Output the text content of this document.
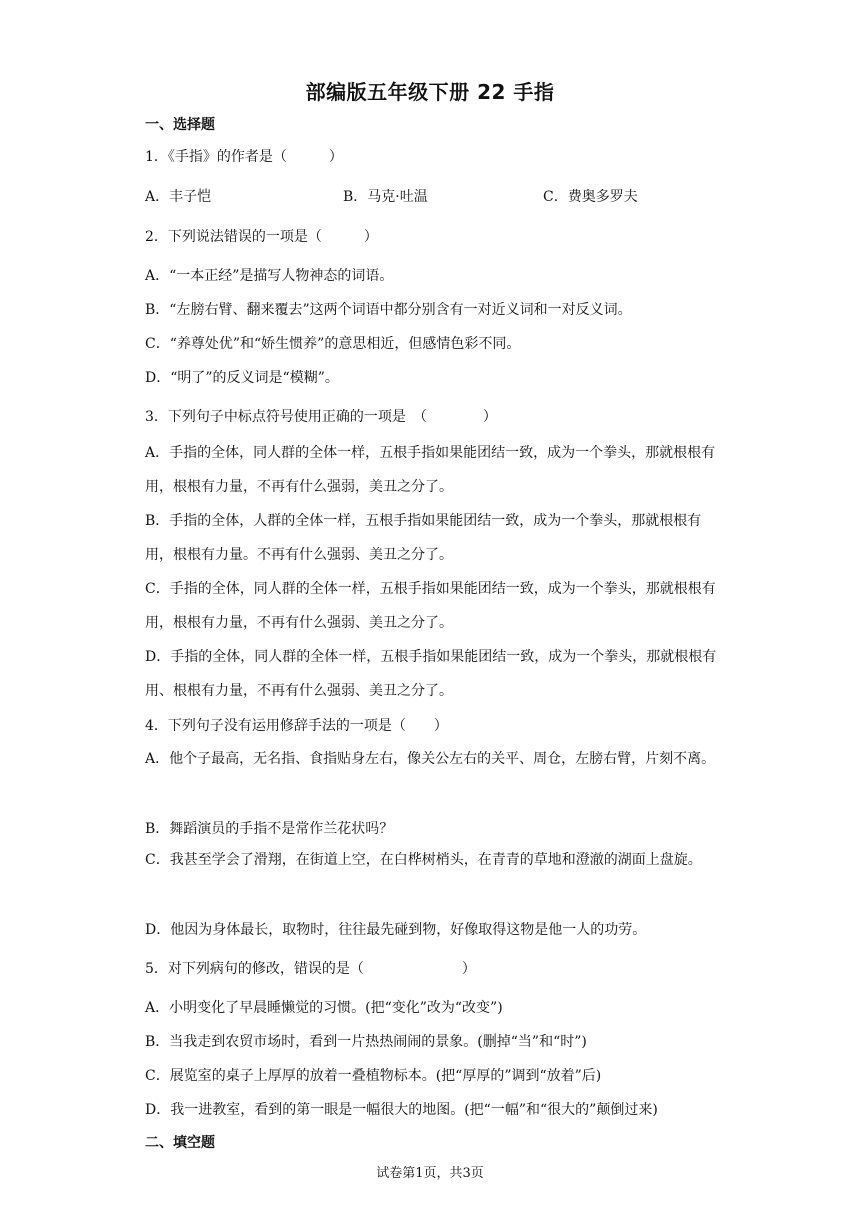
部编版五年级下册 22 手指
一、选择题
1．《手指》的作者是（　　　）
A．丰子恺	B．马克·吐温	C．费奥多罗夫
2．下列说法错误的一项是（　　　）
A．“一本正经”是描写人物神态的词语。
B．“左膀右臂、翻来覆去”这两个词语中都分别含有一对近义词和一对反义词。
C．“养尊处优”和“娇生惯养”的意思相近，但感情色彩不同。
D．“明了”的反义词是“模糊”。
3．下列句子中标点符号使用正确的一项是　（　　　　）
A．手指的全体，同人群的全体一样，五根手指如果能团结一致，成为一个拳头，那就根根有用，根根有力量，不再有什么强弱，美丑之分了。
B．手指的全体，人群的全体一样，五根手指如果能团结一致，成为一个拳头，那就根根有用，根根有力量。不再有什么强弱、美丑之分了。
C．手指的全体，同人群的全体一样，五根手指如果能团结一致，成为一个拳头，那就根根有用，根根有力量，不再有什么强弱、美丑之分了。
D．手指的全体，同人群的全体一样，五根手指如果能团结一致，成为一个拳头，那就根根有用、根根有力量，不再有什么强弱、美丑之分了。
4．下列句子没有运用修辞手法的一项是（　　）
A．他个子最高，无名指、食指贴身左右，像关公左右的关平、周仓，左膀右臂，片刻不离。
B．舞蹈演员的手指不是常作兰花状吗？
C．我甚至学会了滑翔，在街道上空，在白桦树梢头，在青青的草地和澄澈的湖面上盘旋。
D．他因为身体最长，取物时，往往最先碰到物，好像取得这物是他一人的功劳。
5．对下列病句的修改，错误的是（　　　　　　　）
A．小明变化了早晨睡懒觉的习惯。(把“变化”改为“改变”)
B．当我走到农贸市场时，看到一片热热闹闹的景象。(删掉“当”和“时”)
C．展览室的桌子上厚厚的放着一叠植物标本。(把“厚厚的”调到“放着”后)
D．我一进教室，看到的第一眼是一幅很大的地图。(把“一幅”和“很大的”颠倒过来)
二、填空题
试卷第1页，共3页
